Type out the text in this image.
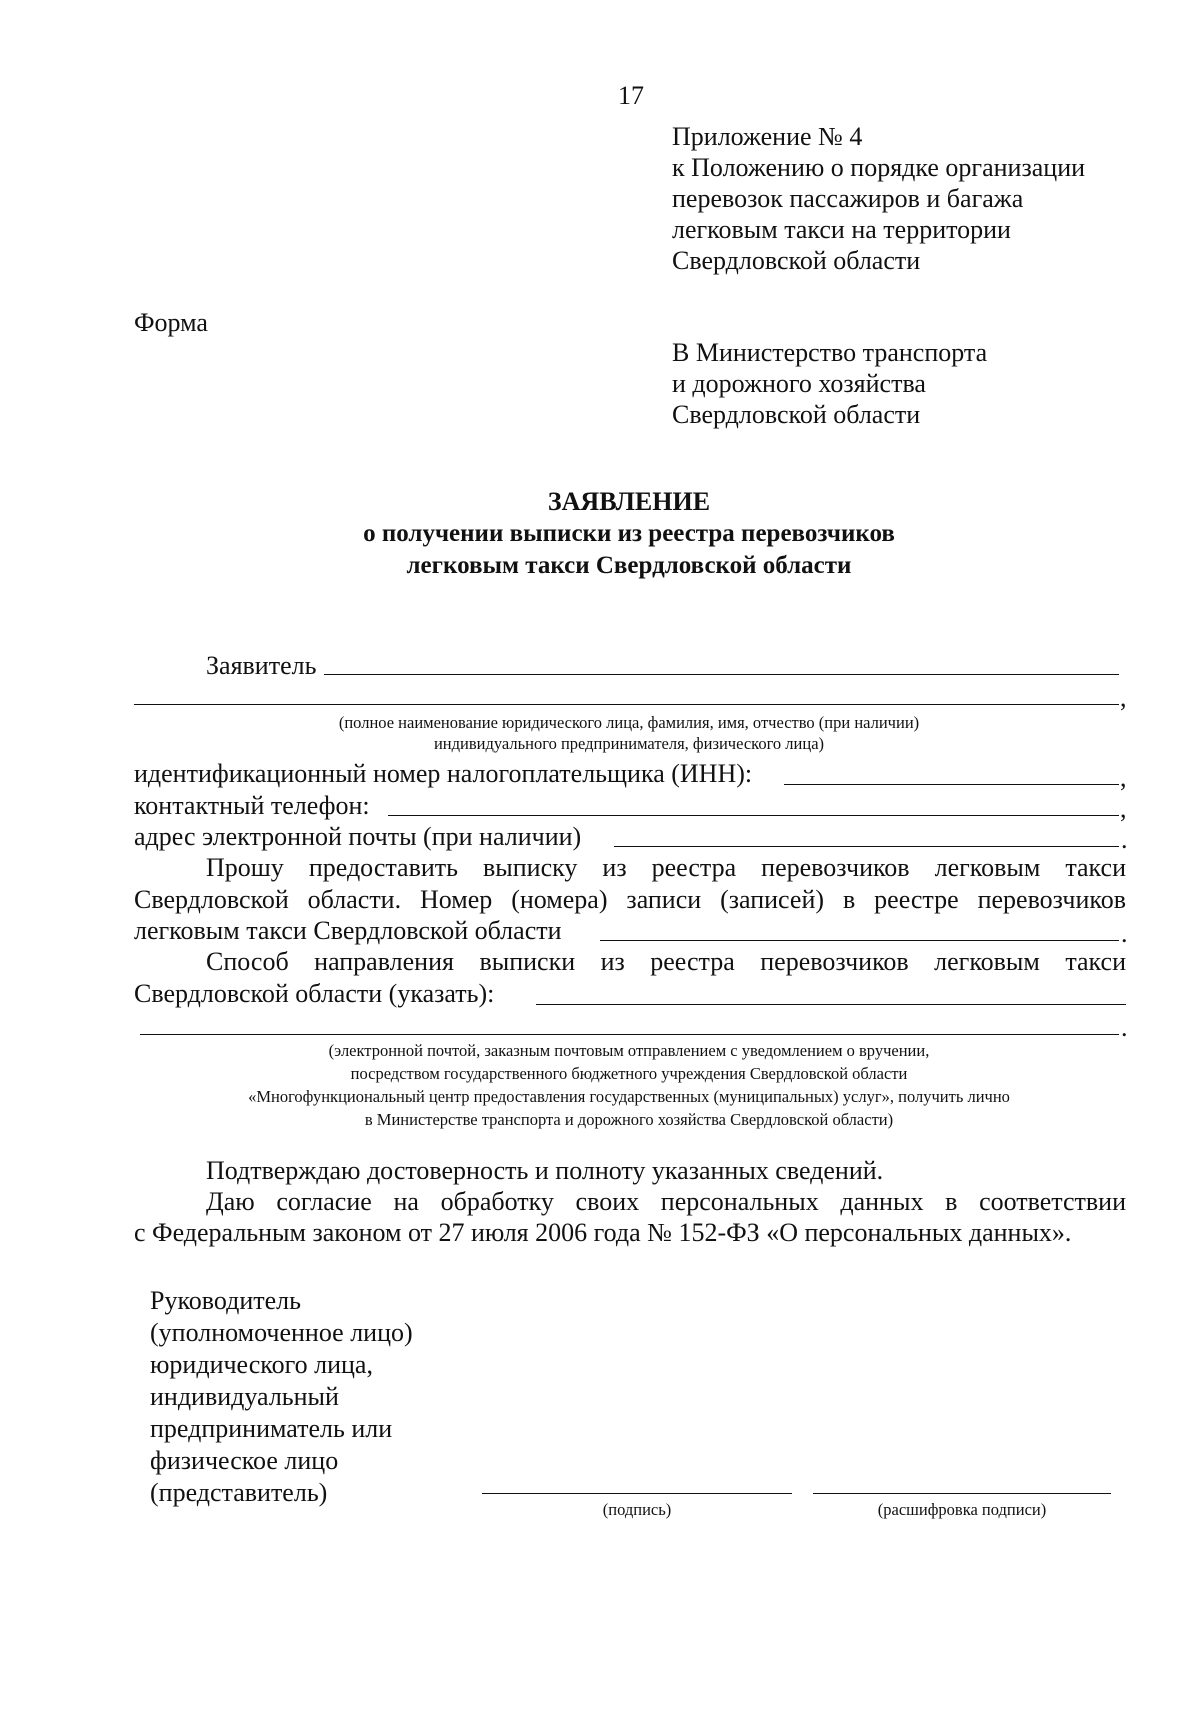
17
Приложение № 4
к Положению о порядке организации
перевозок пассажиров и багажа
легковым такси на территории
Свердловской области
Форма
В Министерство транспорта
и дорожного хозяйства
Свердловской области
ЗАЯВЛЕНИЕ
о получении выписки из реестра перевозчиков
легковым такси Свердловской области
Заявитель
,
(полное наименование юридического лица, фамилия, имя, отчество (при наличии)
индивидуального предпринимателя, физического лица)
идентификационный номер налогоплательщика (ИНН):	,
контактный телефон:	,
адрес электронной почты (при наличии)	.
Прошу предоставить выписку из реестра перевозчиков легковым такси
Свердловской области. Номер (номера) записи (записей) в реестре перевозчиков
легковым такси Свердловской области	.
Способ направления выписки из реестра перевозчиков легковым такси
Свердловской области (указать):
.
(электронной почтой, заказным почтовым отправлением с уведомлением о вручении,
посредством государственного бюджетного учреждения Свердловской области
«Многофункциональный центр предоставления государственных (муниципальных) услуг», получить лично
в Министерстве транспорта и дорожного хозяйства Свердловской области)
Подтверждаю достоверность и полноту указанных сведений.
Даю согласие на обработку своих персональных данных в соответствии
с Федеральным законом от 27 июля 2006 года № 152-ФЗ «О персональных данных».
Руководитель
(уполномоченное лицо)
юридического лица,
индивидуальный
предприниматель или
физическое лицо
(представитель)
(подпись)	(расшифровка подписи)
